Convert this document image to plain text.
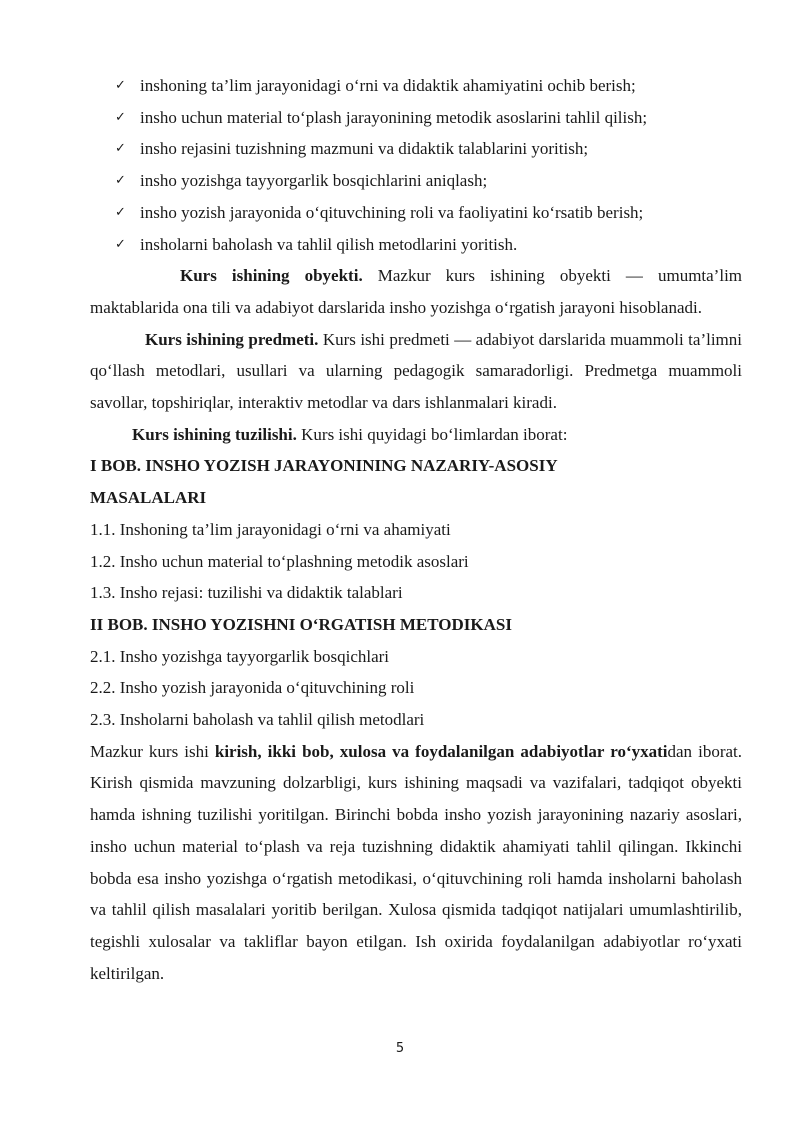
✓ inshoning ta’lim jarayonidagi o‘rni va didaktik ahamiyatini ochib berish;
✓ insho uchun material to‘plash jarayonining metodik asoslarini tahlil qilish;
✓ insho rejasini tuzishning mazmuni va didaktik talablarini yoritish;
✓ insho yozishga tayyorgarlik bosqichlarini aniqlash;
✓ insho yozish jarayonida o‘qituvchining roli va faoliyatini ko‘rsatib berish;
✓ insholarni baholash va tahlil qilish metodlarini yoritish.

Kurs ishining obyekti. Mazkur kurs ishining obyekti — umumta’lim maktablarida ona tili va adabiyot darslarida insho yozishga o‘rgatish jarayoni hisoblanadi.

Kurs ishining predmeti. Kurs ishi predmeti — adabiyot darslarida muammoli ta’limni qo‘llash metodlari, usullari va ularning pedagogik samaradorligi. Predmetga muammoli savollar, topshiriqlar, interaktiv metodlar va dars ishlanmalari kiradi.

Kurs ishining tuzilishi. Kurs ishi quyidagi bo‘limlardan iborat:

I BOB. INSHO YOZISH JARAYONINING NAZARIY-ASOSIY MASALALARI

1.1. Inshoning ta’lim jarayonidagi o‘rni va ahamiyati

1.2. Insho uchun material to‘plashning metodik asoslari

1.3. Insho rejasi: tuzilishi va didaktik talablari

II BOB. INSHO YOZISHNI O‘RGATISH METODIKASI

2.1. Insho yozishga tayyorgarlik bosqichlari

2.2. Insho yozish jarayonida o‘qituvchining roli

2.3. Insholarni baholash va tahlil qilish metodlari

Mazkur kurs ishi kirish, ikki bob, xulosa va foydalanilgan adabiyotlar ro‘yxatidan iborat. Kirish qismida mavzuning dolzarbligi, kurs ishining maqsadi va vazifalari, tadqiqot obyekti hamda ishning tuzilishi yoritilgan. Birinchi bobda insho yozish jarayonining nazariy asoslari, insho uchun material to‘plash va reja tuzishning didaktik ahamiyati tahlil qilingan. Ikkinchi bobda esa insho yozishga o‘rgatish metodikasi, o‘qituvchining roli hamda insholarni baholash va tahlil qilish masalalari yoritib berilgan. Xulosa qismida tadqiqot natijalari umumlashtirilib, tegishli xulosalar va takliflar bayon etilgan. Ish oxirida foydalanilgan adabiyotlar ro‘yxati keltirilgan.

5
